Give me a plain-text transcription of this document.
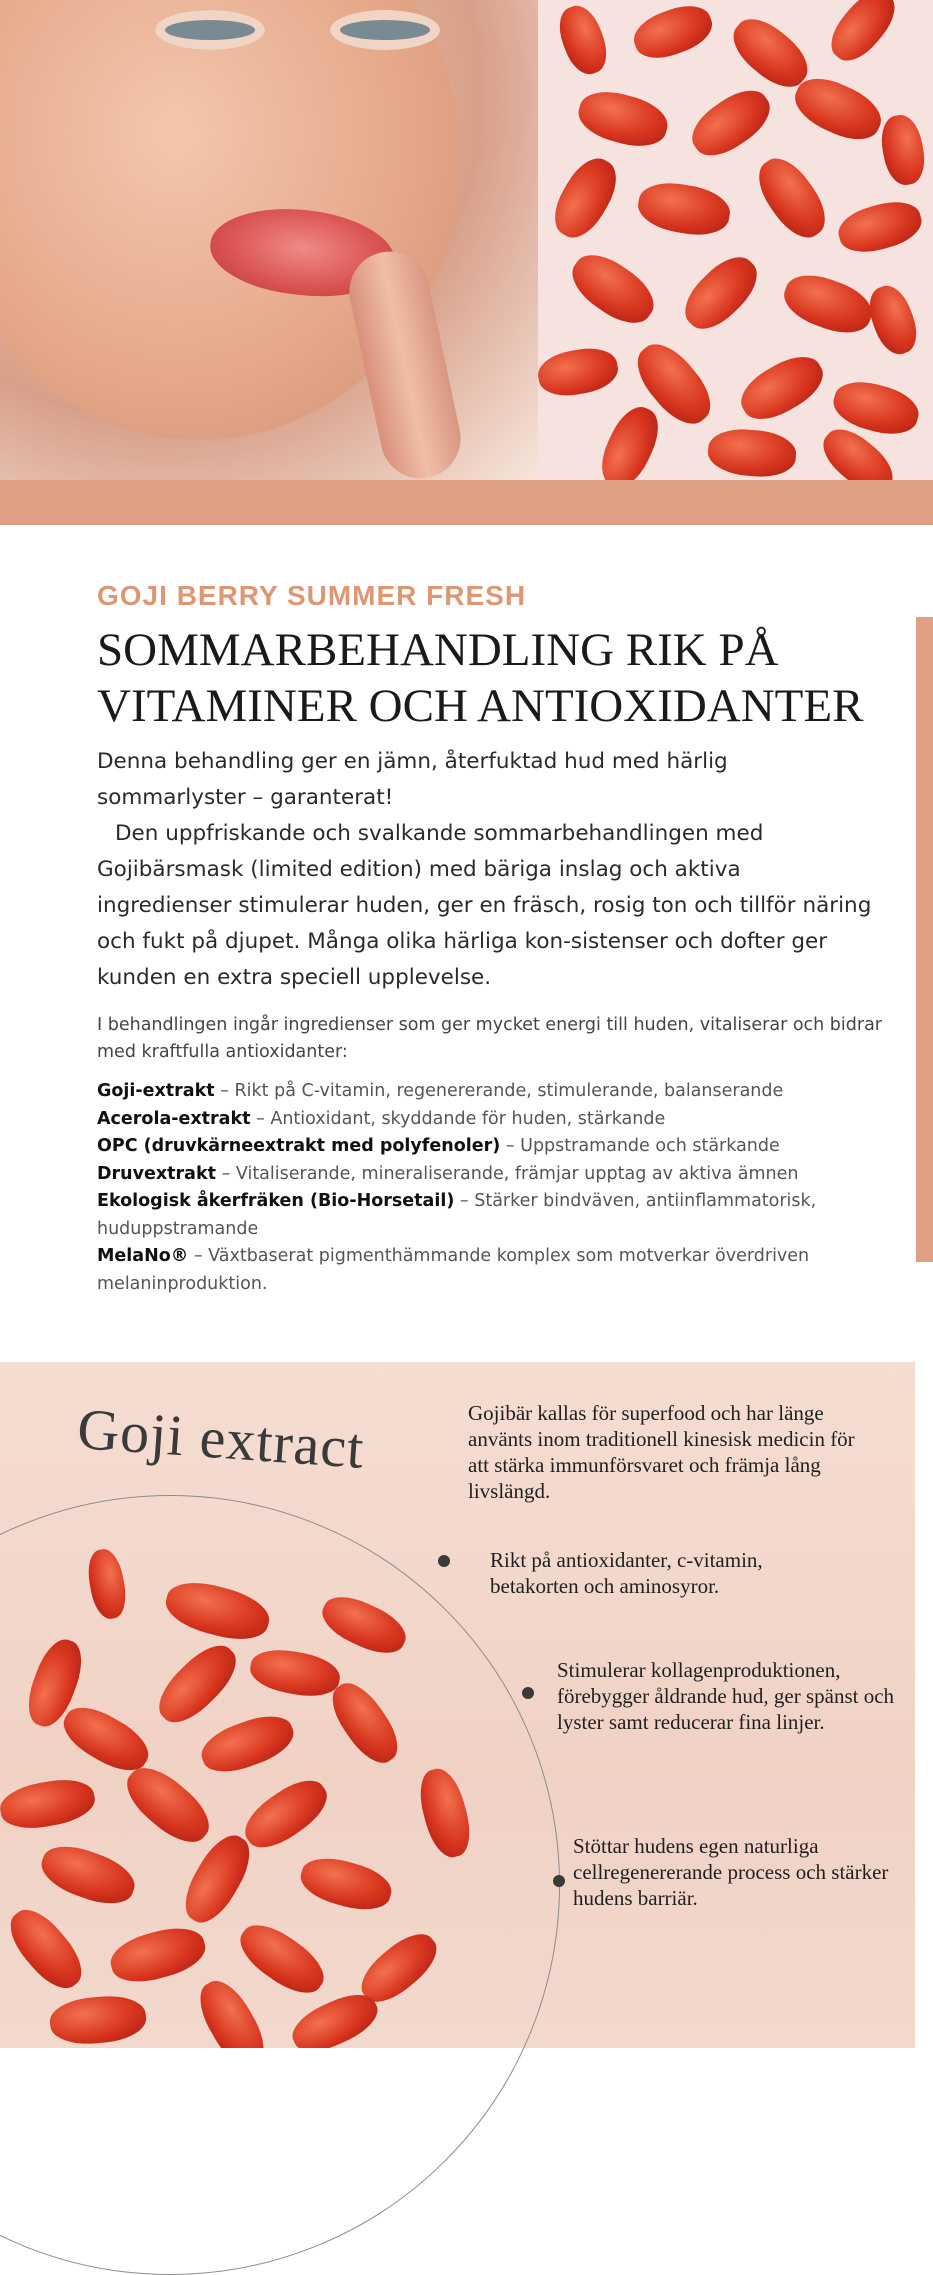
GOJI BERRY SUMMER FRESH
SOMMARBEHANDLING RIK PÅ VITAMINER OCH ANTIOXIDANTER

Denna behandling ger en jämn, återfuktad hud med härlig sommarlyster – garanterat!

Den uppfriskande och svalkande sommarbehandlingen med Gojibärsmask (limited edition) med bäriga inslag och aktiva ingredienser stimulerar huden, ger en fräsch, rosig ton och tillför näring och fukt på djupet. Många olika härliga kon-sistenser och dofter ger kunden en extra speciell upplevelse.

I behandlingen ingår ingredienser som ger mycket energi till huden, vitaliserar och bidrar med kraftfulla antioxidanter:

Goji-extrakt – Rikt på C-vitamin, regenererande, stimulerande, balanserande
Acerola-extrakt – Antioxidant, skyddande för huden, stärkande
OPC (druvkärneextrakt med polyfenoler) – Uppstramande och stärkande
Druvextrakt – Vitaliserande, mineraliserande, främjar upptag av aktiva ämnen
Ekologisk åkerfräken (Bio-Horsetail) – Stärker bindväven, antiinflammatorisk, huduppstramande
MelaNo® – Växtbaserat pigmenthämmande komplex som motverkar överdriven melaninproduktion.
Goji extract	Gojibär kallas för superfood och har länge använts inom traditionell kinesisk medicin för att stärka immunförsvaret och främja lång livslängd.

Rikt på antioxidanter, c-vitamin, betakorten och aminosyror.

Stimulerar kollagenproduktionen, förebygger åldrande hud, ger spänst och lyster samt reducerar fina linjer.

Stöttar hudens egen naturliga cellregenererande process och stärker hudens barriär.
